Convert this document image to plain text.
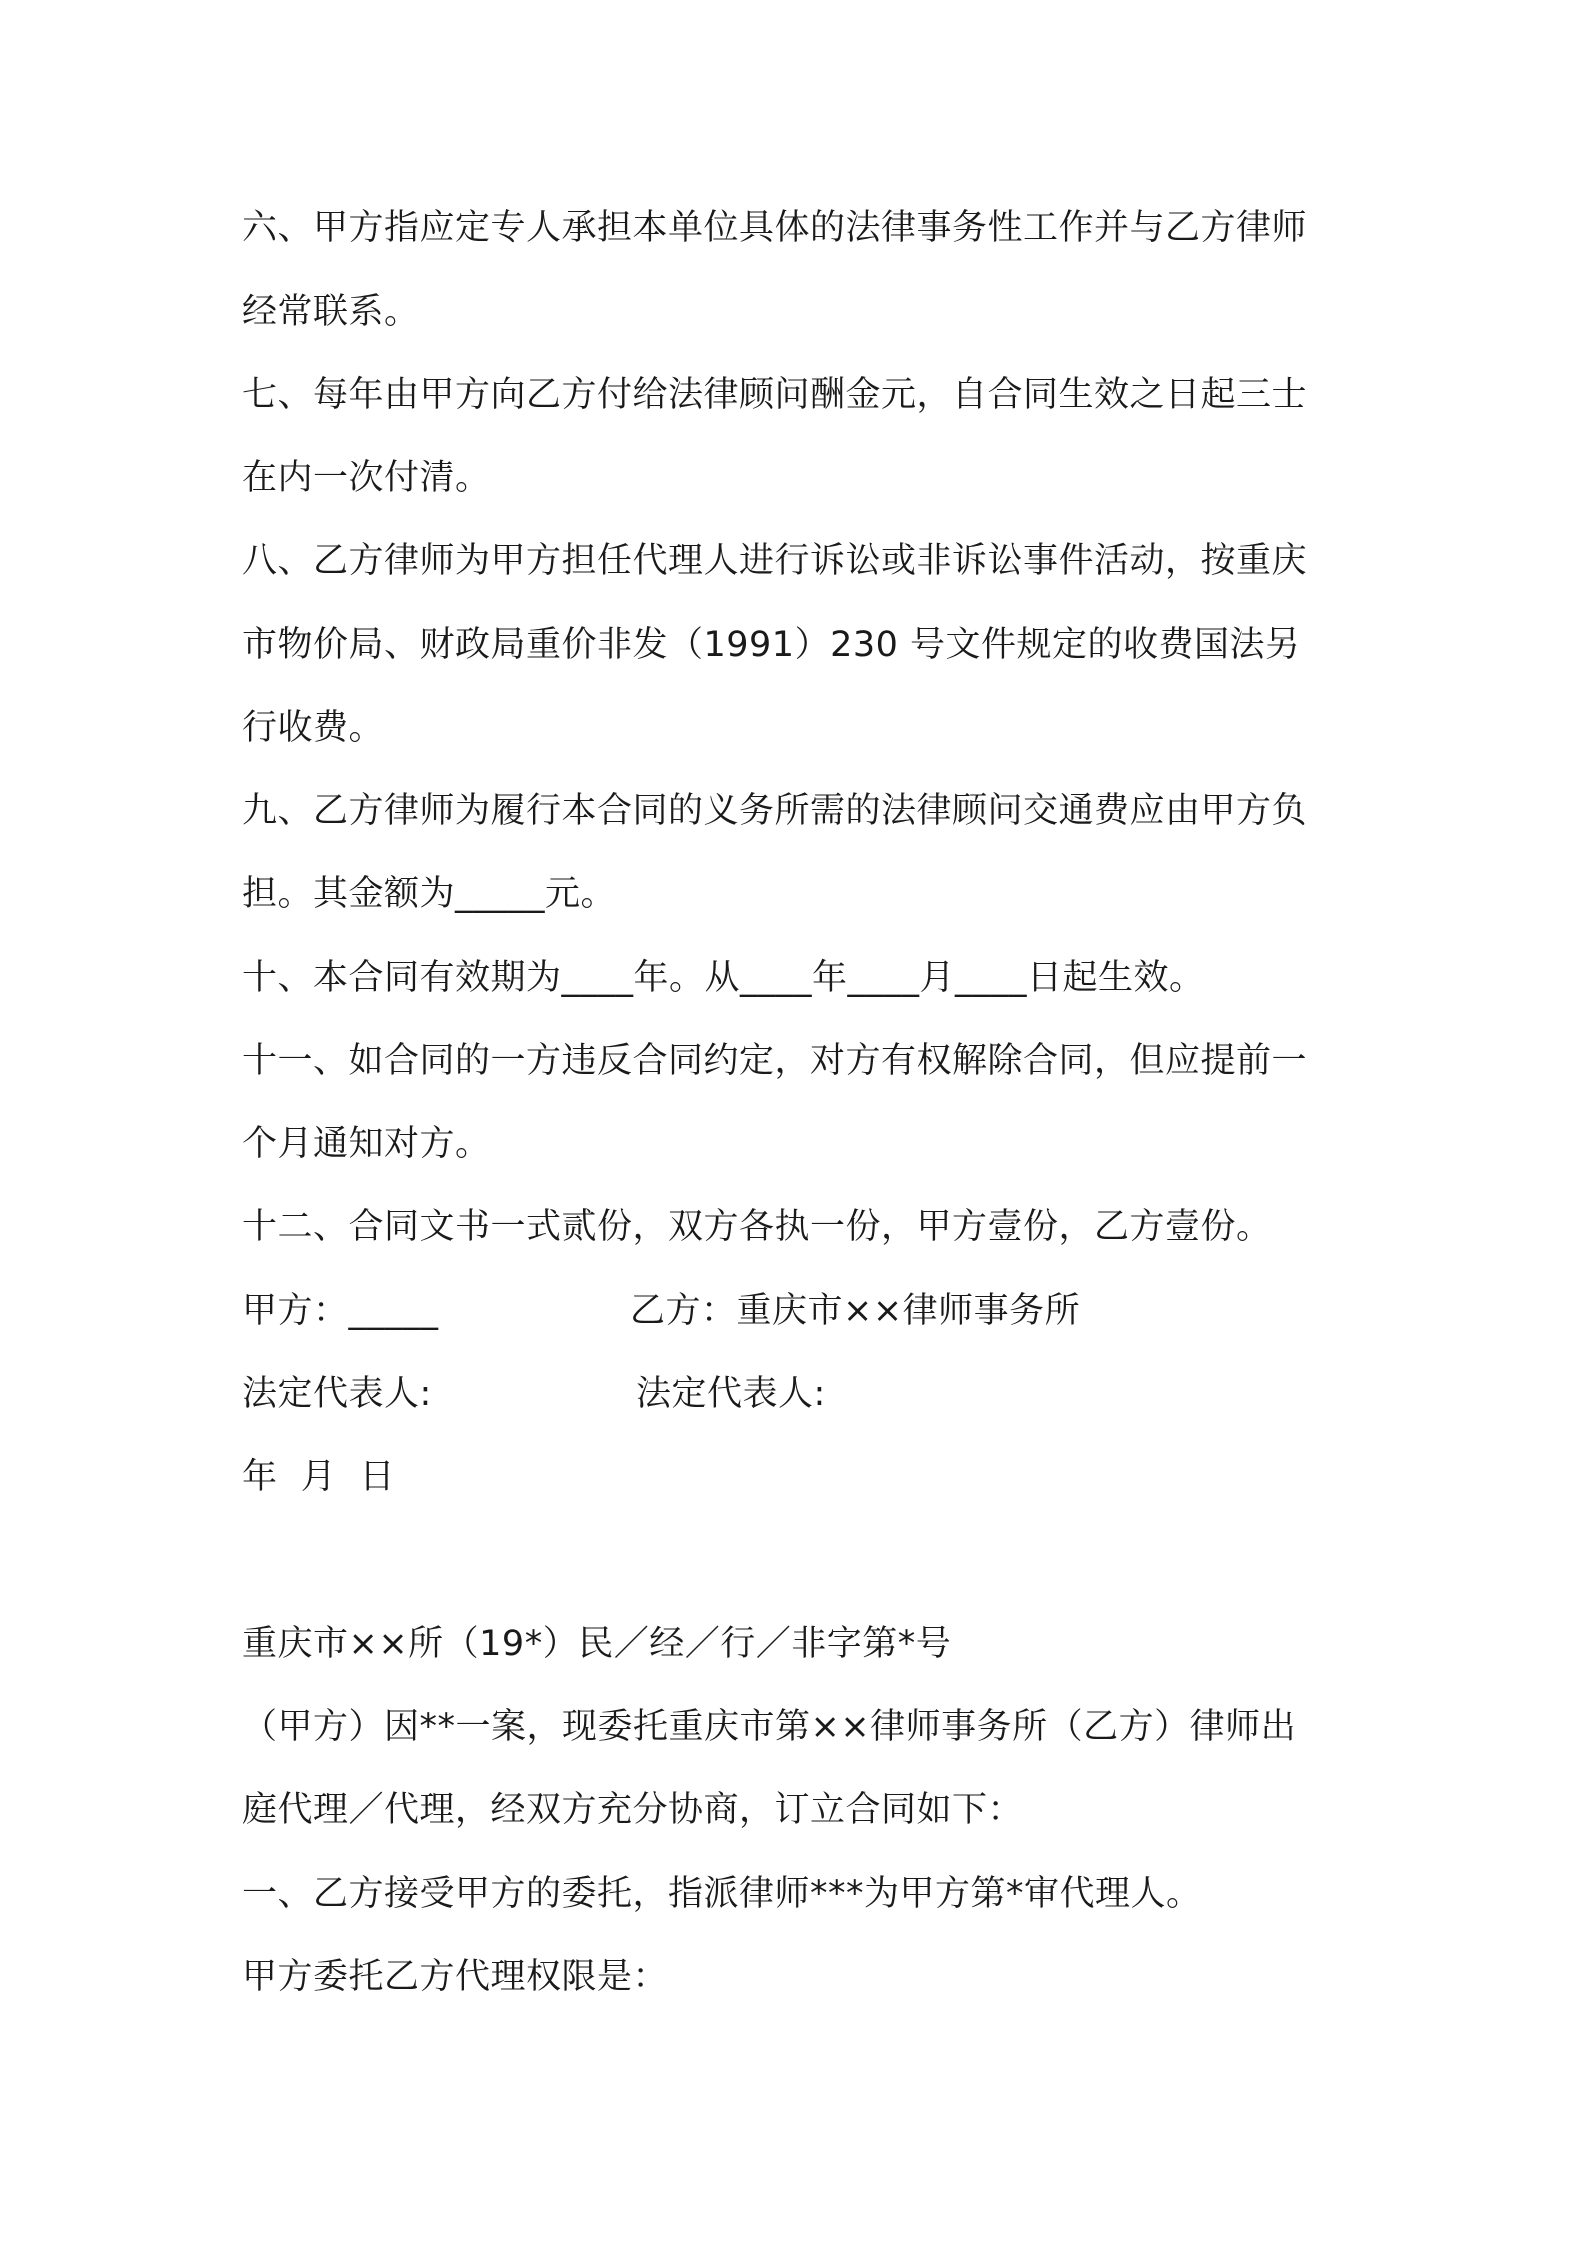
六、甲方指应定专人承担本单位具体的法律事务性工作并与乙方律师
经常联系。
七、每年由甲方向乙方付给法律顾问酬金元，自合同生效之日起三士
在内一次付清。
八、乙方律师为甲方担任代理人进行诉讼或非诉讼事件活动，按重庆
市物价局、财政局重价非发（1991）230 号文件规定的收费国法另
行收费。
九、乙方律师为履行本合同的义务所需的法律顾问交通费应由甲方负
担。其金额为_____元。
十、本合同有效期为____年。从____年____月____日起生效。
十一、如合同的一方违反合同约定，对方有权解除合同，但应提前一
个月通知对方。
十二、合同文书一式贰份，双方各执一份，甲方壹份，乙方壹份。
甲方：_____	乙方：重庆市××律师事务所
法定代表人:	法定代表人:
年  月  日
重庆市××所（19*）民／经／行／非字第*号
（甲方）因**一案，现委托重庆市第××律师事务所（乙方）律师出
庭代理／代理，经双方充分协商，订立合同如下：
一、乙方接受甲方的委托，指派律师***为甲方第*审代理人。
甲方委托乙方代理权限是：
